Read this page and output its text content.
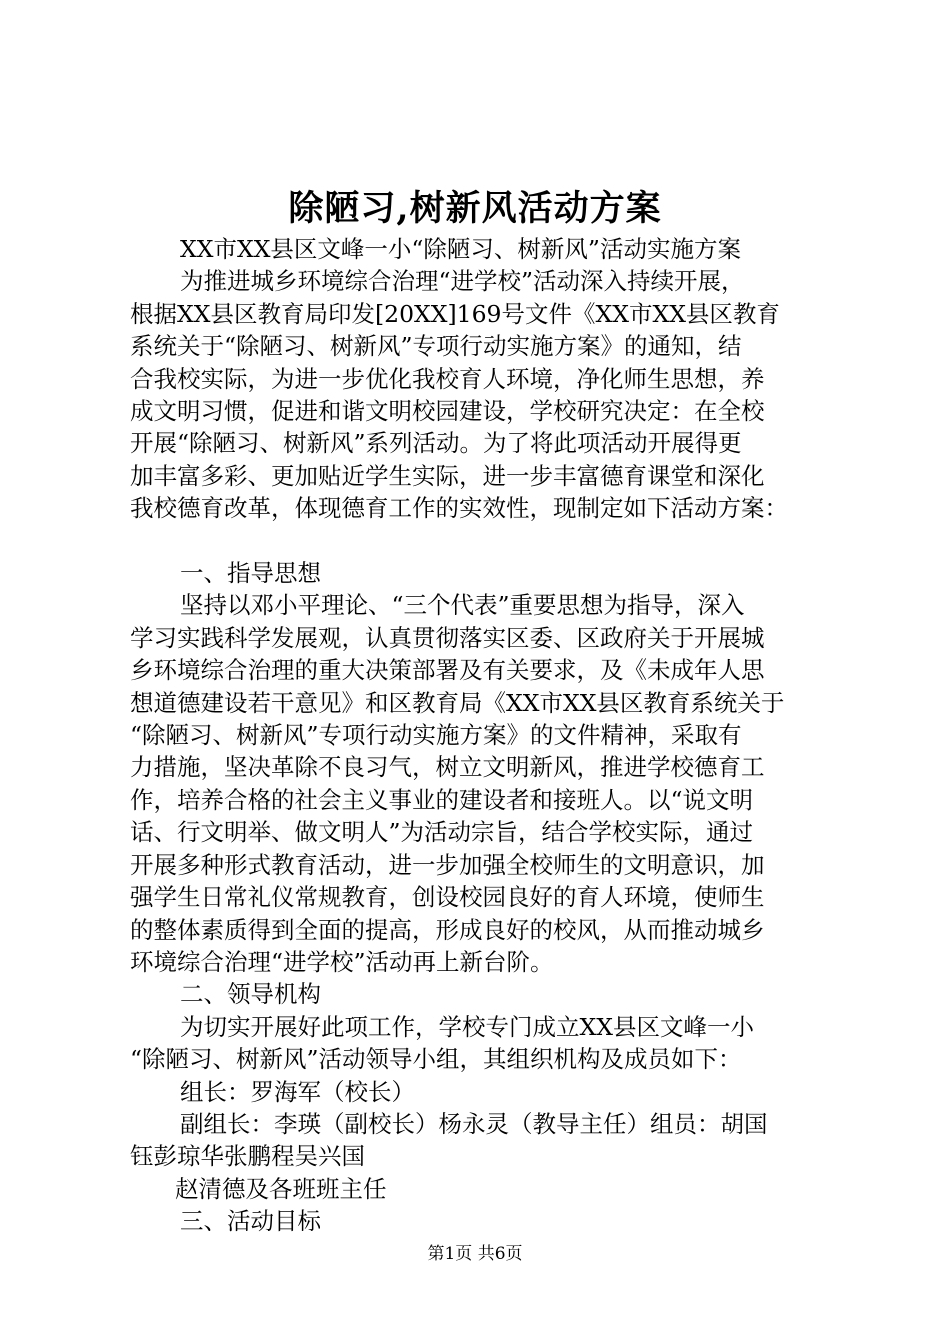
除陋习,树新风活动方案

XX市XX县区文峰一小“除陋习、树新风”活动实施方案

为推进城乡环境综合治理“进学校”活动深入持续开展，

根据XX县区教育局印发[20XX]169号文件《XX市XX县区教育

系统关于“除陋习、树新风”专项行动实施方案》的通知，结

合我校实际，为进一步优化我校育人环境，净化师生思想，养

成文明习惯，促进和谐文明校园建设，学校研究决定：在全校

开展“除陋习、树新风”系列活动。为了将此项活动开展得更

加丰富多彩、更加贴近学生实际，进一步丰富德育课堂和深化

我校德育改革，体现德育工作的实效性，现制定如下活动方案：

一、指导思想

坚持以邓小平理论、“三个代表”重要思想为指导，深入

学习实践科学发展观，认真贯彻落实区委、区政府关于开展城

乡环境综合治理的重大决策部署及有关要求，及《未成年人思

想道德建设若干意见》和区教育局《XX市XX县区教育系统关于

“除陋习、树新风”专项行动实施方案》的文件精神，采取有

力措施，坚决革除不良习气，树立文明新风，推进学校德育工

作，培养合格的社会主义事业的建设者和接班人。以“说文明

话、行文明举、做文明人”为活动宗旨，结合学校实际，通过

开展多种形式教育活动，进一步加强全校师生的文明意识，加

强学生日常礼仪常规教育，创设校园良好的育人环境，使师生

的整体素质得到全面的提高，形成良好的校风，从而推动城乡

环境综合治理“进学校”活动再上新台阶。

二、领导机构

为切实开展好此项工作，学校专门成立XX县区文峰一小

“除陋习、树新风”活动领导小组，其组织机构及成员如下：

组长：罗海军（校长）

副组长：李瑛（副校长）杨永灵（教导主任）组员：胡国

钰彭琼华张鹏程吴兴国

赵清德及各班班主任

三、活动目标

第1页 共6页
